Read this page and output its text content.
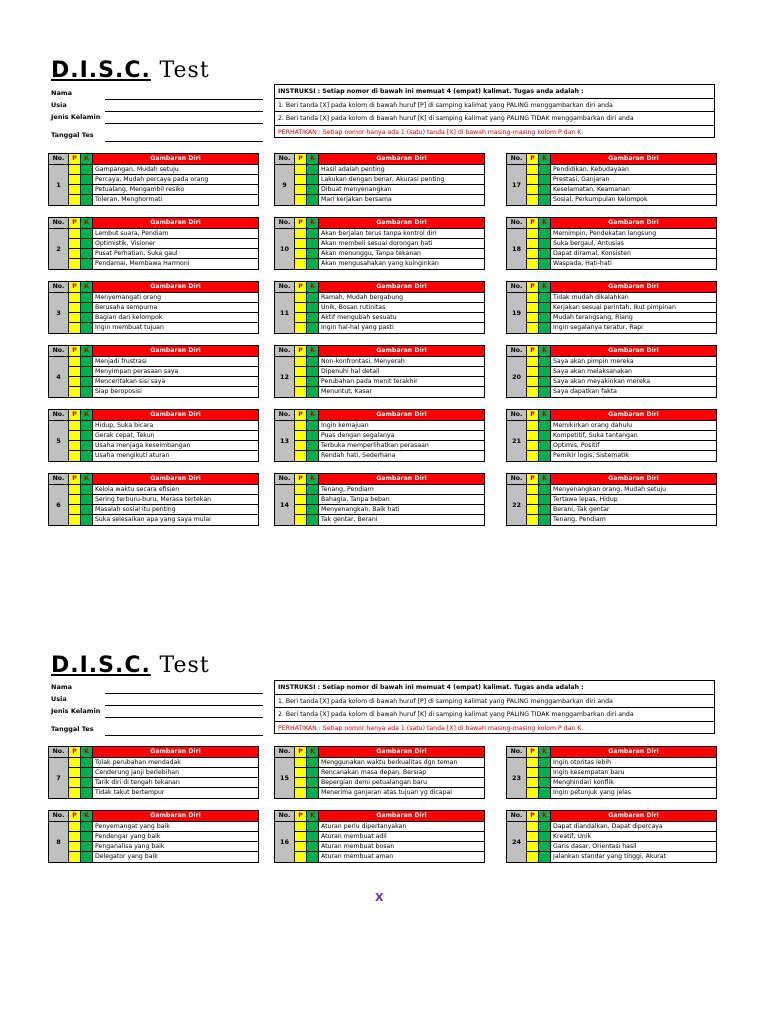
D.I.S.C. Test
Nama
Usia
Jenis Kelamin
Tanggal Tes
INSTRUKSI : Setiap nomor di bawah ini memuat 4 (empat) kalimat. Tugas anda adalah :
1. Beri tanda [X] pada kolom di bawah huruf [P] di samping kalimat yang PALING menggambarkan diri anda
2. Beri tanda [X] pada kolom di bawah huruf [K] di samping kalimat yang PALING TIDAK menggambarkan diri anda
PERHATIKAN : Setiap nomor hanya ada 1 (satu) tanda [X] di bawah masing-masing kolom P dan K.
No.	P	K	Gambaran Diri
1
Gampangan, Mudah setuju
Percaya, Mudah percaya pada orang
Petualang, Mengambil resiko
Toleran, Menghormati
No.	P	K	Gambaran Diri
9
Hasil adalah penting
Lakukan dengan benar, Akurasi penting
Dibuat menyenangkan
Mari kerjakan bersama
No.	P	K	Gambaran Diri
17
Pendidikan, Kebudayaan
Prestasi, Ganjaran
Keselamatan, Keamanan
Sosial, Perkumpulan kelompok
No.	P	K	Gambaran Diri
2
Lembut suara, Pendiam
Optimistik, Visioner
Pusat Perhatian, Suka gaul
Pendamai, Membawa Harmoni
No.	P	K	Gambaran Diri
10
Akan berjalan terus tanpa kontrol diri
Akan membeli sesuai dorongan hati
Akan menunggu, Tanpa tekanan
Akan mengusahakan yang kuinginkan
No.	P	K	Gambaran Diri
18
Memimpin, Pendekatan langsung
Suka bergaul, Antusias
Dapat diramal, Konsisten
Waspada, Hati-hati
No.	P	K	Gambaran Diri
3
Menyemangati orang
Berusaha sempurna
Bagian dari kelompok
Ingin membuat tujuan
No.	P	K	Gambaran Diri
11
Ramah, Mudah bergabung
Unik, Bosan rutinitas
Aktif mengubah sesuatu
Ingin hal-hal yang pasti
No.	P	K	Gambaran Diri
19
Tidak mudah dikalahkan
Kerjakan sesuai perintah, Ikut pimpinan
Mudah terangsang, Riang
Ingin segalanya teratur, Rapi
No.	P	K	Gambaran Diri
4
Menjadi frustrasi
Menyimpan perasaan saya
Menceritakan sisi saya
Siap beroposisi
No.	P	K	Gambaran Diri
12
Non-konfrontasi, Menyerah
Dipenuhi hal detail
Perubahan pada menit terakhir
Menuntut, Kasar
No.	P	K	Gambaran Diri
20
Saya akan pimpin mereka
Saya akan melaksanakan
Saya akan meyakinkan mereka
Saya dapatkan fakta
No.	P	K	Gambaran Diri
5
Hidup, Suka bicara
Gerak cepat, Tekun
Usaha menjaga keseimbangan
Usaha mengikuti aturan
No.	P	K	Gambaran Diri
13
Ingin kemajuan
Puas dengan segalanya
Terbuka memperlihatkan perasaan
Rendah hati, Sederhana
No.	P	K	Gambaran Diri
21
Memikirkan orang dahulu
Kompetitif, Suka tantangan
Optimis, Positif
Pemikir logis, Sistematik
No.	P	K	Gambaran Diri
6
Kelola waktu secara efisien
Sering terburu-buru, Merasa tertekan
Masalah sosial itu penting
Suka selesaikan apa yang saya mulai
No.	P	K	Gambaran Diri
14
Tenang, Pendiam
Bahagia, Tanpa beban
Menyenangkan, Baik hati
Tak gentar, Berani
No.	P	K	Gambaran Diri
22
Menyenangkan orang, Mudah setuju
Tertawa lepas, Hidup
Berani, Tak gentar
Tenang, Pendiam
D.I.S.C. Test
Nama
Usia
Jenis Kelamin
Tanggal Tes
INSTRUKSI : Setiap nomor di bawah ini memuat 4 (empat) kalimat. Tugas anda adalah :
1. Beri tanda [X] pada kolom di bawah huruf [P] di samping kalimat yang PALING menggambarkan diri anda
2. Beri tanda [X] pada kolom di bawah huruf [K] di samping kalimat yang PALING TIDAK menggambarkan diri anda
PERHATIKAN : Setiap nomor hanya ada 1 (satu) tanda [X] di bawah masing-masing kolom P dan K.
No.	P	K	Gambaran Diri
7
Tolak perubahan mendadak
Cenderung janji berlebihan
Tarik diri di tengah tekanan
Tidak takut bertempur
No.	P	K	Gambaran Diri
15
Menggunakan waktu berkualitas dgn teman
Rencanakan masa depan, Bersiap
Bepergian demi petualangan baru
Menerima ganjaran atas tujuan yg dicapai
No.	P	K	Gambaran Diri
23
Ingin otoritas lebih
Ingin kesempatan baru
Menghindari konflik
Ingin petunjuk yang jelas
No.	P	K	Gambaran Diri
8
Penyemangat yang baik
Pendengar yang baik
Penganalisa yang baik
Delegator yang baik
No.	P	K	Gambaran Diri
16
Aturan perlu dipertanyakan
Aturan membuat adil
Aturan membuat bosan
Aturan membuat aman
No.	P	K	Gambaran Diri
24
Dapat diandalkan, Dapat dipercaya
Kreatif, Unik
Garis dasar, Orientasi hasil
Jalankan standar yang tinggi, Akurat
X
